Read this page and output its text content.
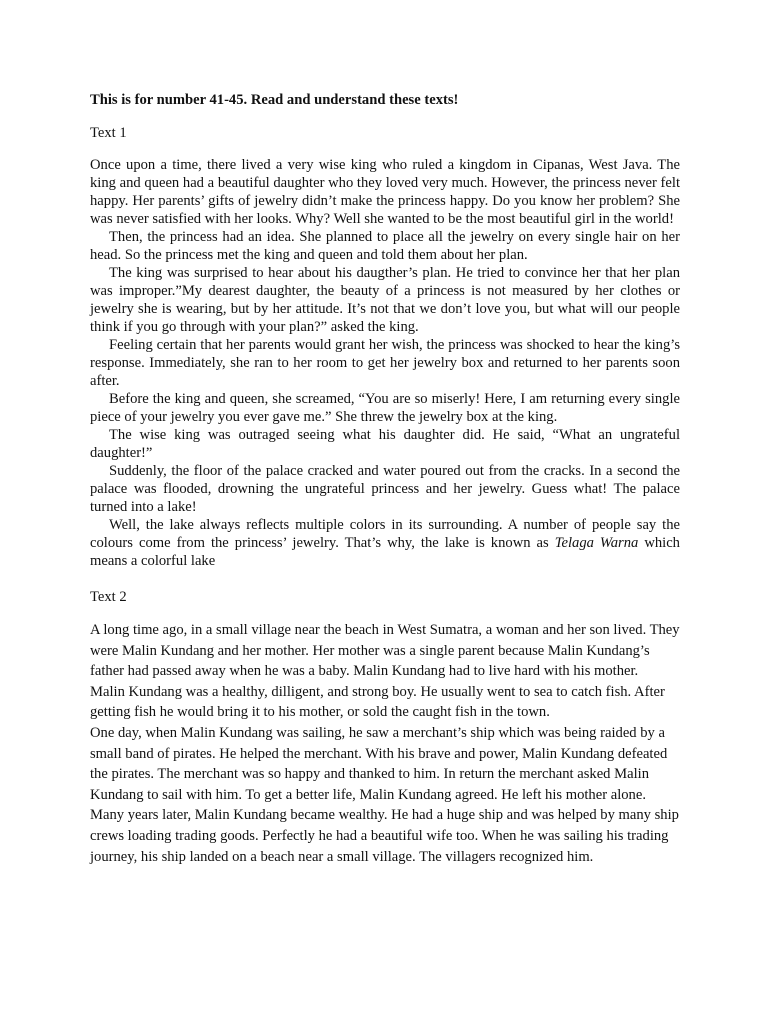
This is for number 41-45. Read and understand these texts!
Text 1

Once upon a time, there lived a very wise king who ruled a kingdom in Cipanas, West Java. The king and queen had a beautiful daughter who they loved very much. However, the princess never felt happy. Her parents’ gifts of jewelry didn’t make the princess happy. Do you know her problem? She was never satisfied with her looks. Why? Well she wanted to be the most beautiful girl in the world!

Then, the princess had an idea. She planned to place all the jewelry on every single hair on her head. So the princess met the king and queen and told them about her plan.

The king was surprised to hear about his daugther’s plan. He tried to convince her that her plan was improper.”My dearest daughter, the beauty of a princess is not measured by her clothes or jewelry she is wearing, but by her attitude. It’s not that we don’t love you, but what will our people think if you go through with your plan?” asked the king.

Feeling certain that her parents would grant her wish, the princess was shocked to hear the king’s response. Immediately, she ran to her room to get her jewelry box and returned to her parents soon after.

Before the king and queen, she screamed, “You are so miserly! Here, I am returning every single piece of your jewelry you ever gave me.” She threw the jewelry box at the king.

The wise king was outraged seeing what his daughter did. He said, “What an ungrateful daughter!”

Suddenly, the floor of the palace cracked and water poured out from the cracks. In a second the palace was flooded, drowning the ungrateful princess and her jewelry. Guess what! The palace turned into a lake!

Well, the lake always reflects multiple colors in its surrounding. A number of people say the colours come from the princess’ jewelry. That’s why, the lake is known as Telaga Warna which means a colorful lake

Text 2

A long time ago, in a small village near the beach in West Sumatra, a woman and her son lived. They were Malin Kundang and her mother. Her mother was a single parent because Malin Kundang’s father had passed away when he was a baby. Malin Kundang had to live hard with his mother.

Malin Kundang was a healthy, dilligent, and strong boy. He usually went to sea to catch fish. After getting fish he would bring it to his mother, or sold the caught fish in the town.

One day, when Malin Kundang was sailing, he saw a merchant’s ship which was being raided by a small band of pirates. He helped the merchant. With his brave and power, Malin Kundang defeated the pirates. The merchant was so happy and thanked to him. In return the merchant asked Malin Kundang to sail with him. To get a better life, Malin Kundang agreed. He left his mother alone.

Many years later, Malin Kundang became wealthy. He had a huge ship and was helped by many ship crews loading trading goods. Perfectly he had a beautiful wife too. When he was sailing his trading journey, his ship landed on a beach near a small village. The villagers recognized him.
